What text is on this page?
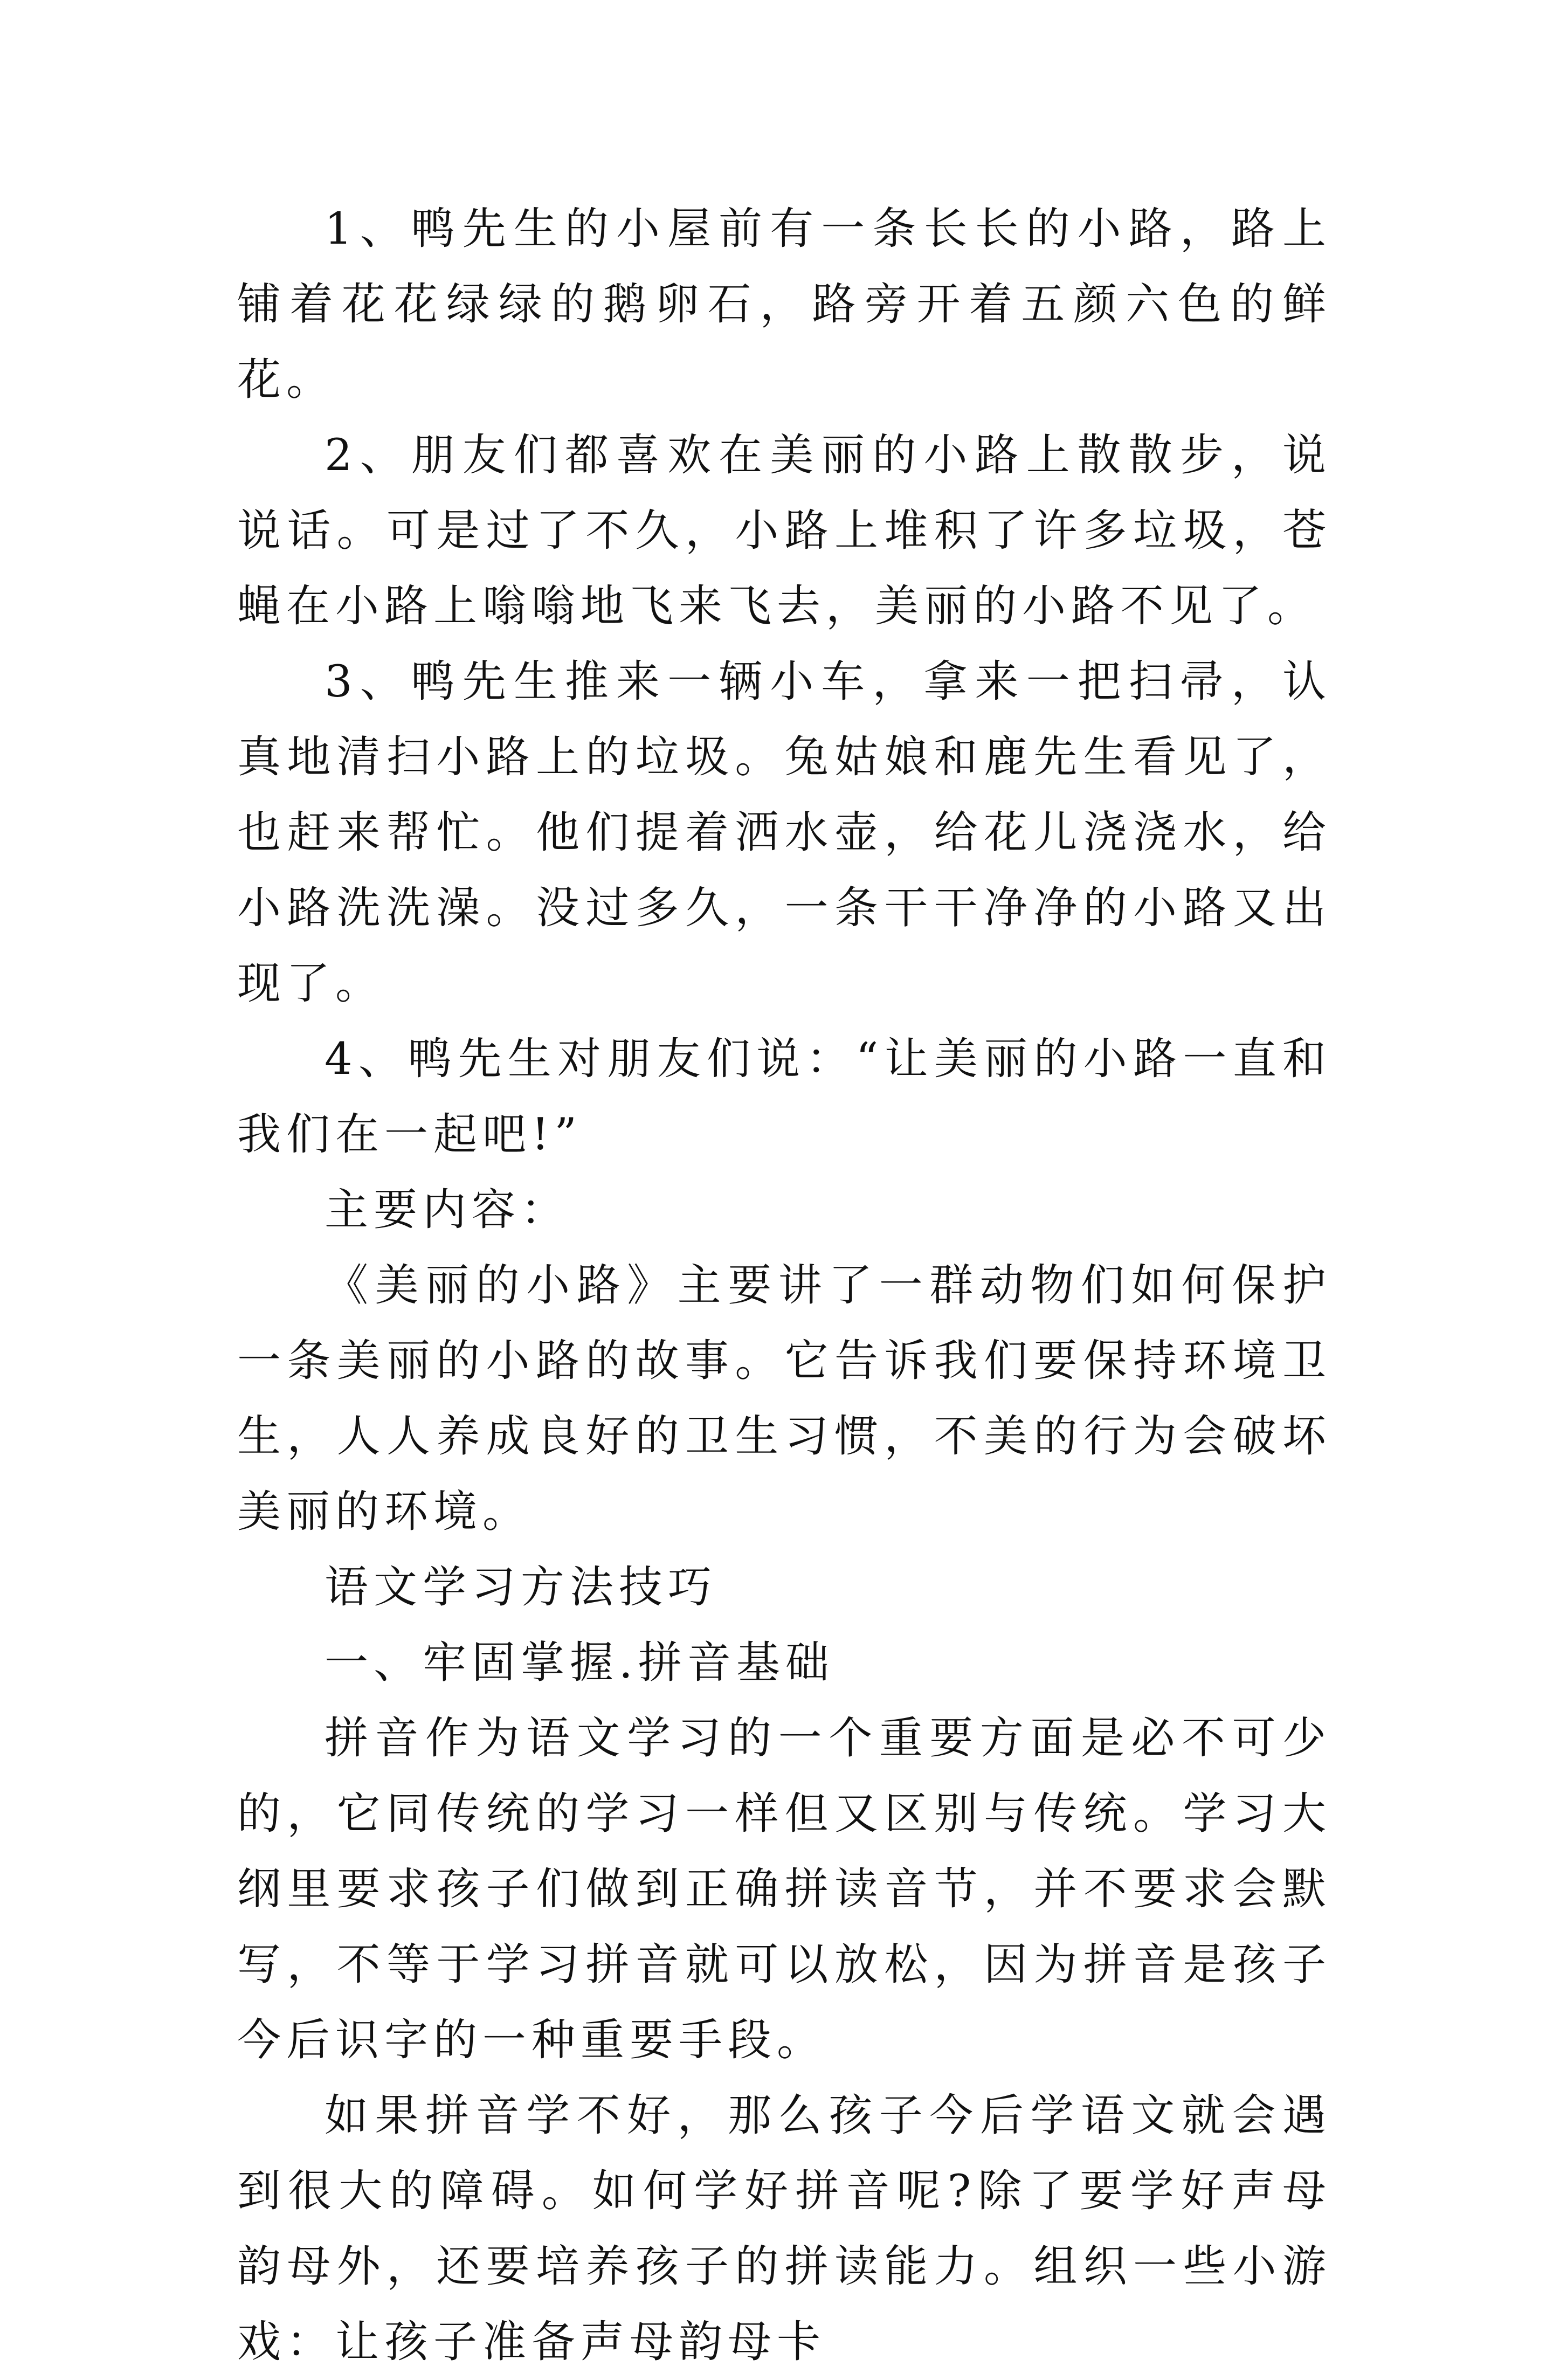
1、鸭先生的小屋前有一条长长的小路，路上铺着花花绿绿的鹅卵石，路旁开着五颜六色的鲜花。

2、朋友们都喜欢在美丽的小路上散散步，说说话。可是过了不久，小路上堆积了许多垃圾，苍蝇在小路上嗡嗡地飞来飞去，美丽的小路不见了。

3、鸭先生推来一辆小车，拿来一把扫帚，认真地清扫小路上的垃圾。兔姑娘和鹿先生看见了，也赶来帮忙。他们提着洒水壶，给花儿浇浇水，给小路洗洗澡。没过多久，一条干干净净的小路又出现了。

4、鸭先生对朋友们说：“让美丽的小路一直和我们在一起吧!”

主要内容：

《美丽的小路》主要讲了一群动物们如何保护一条美丽的小路的故事。它告诉我们要保持环境卫生，人人养成良好的卫生习惯，不美的行为会破坏美丽的环境。

语文学习方法技巧

一、牢固掌握.拼音基础

拼音作为语文学习的一个重要方面是必不可少的，它同传统的学习一样但又区别与传统。学习大纲里要求孩子们做到正确拼读音节，并不要求会默写，不等于学习拼音就可以放松，因为拼音是孩子今后识字的一种重要手段。

如果拼音学不好，那么孩子今后学语文就会遇到很大的障碍。如何学好拼音呢?除了要学好声母韵母外，还要培养孩子的拼读能力。组织一些小游戏：让孩子准备声母韵母卡
